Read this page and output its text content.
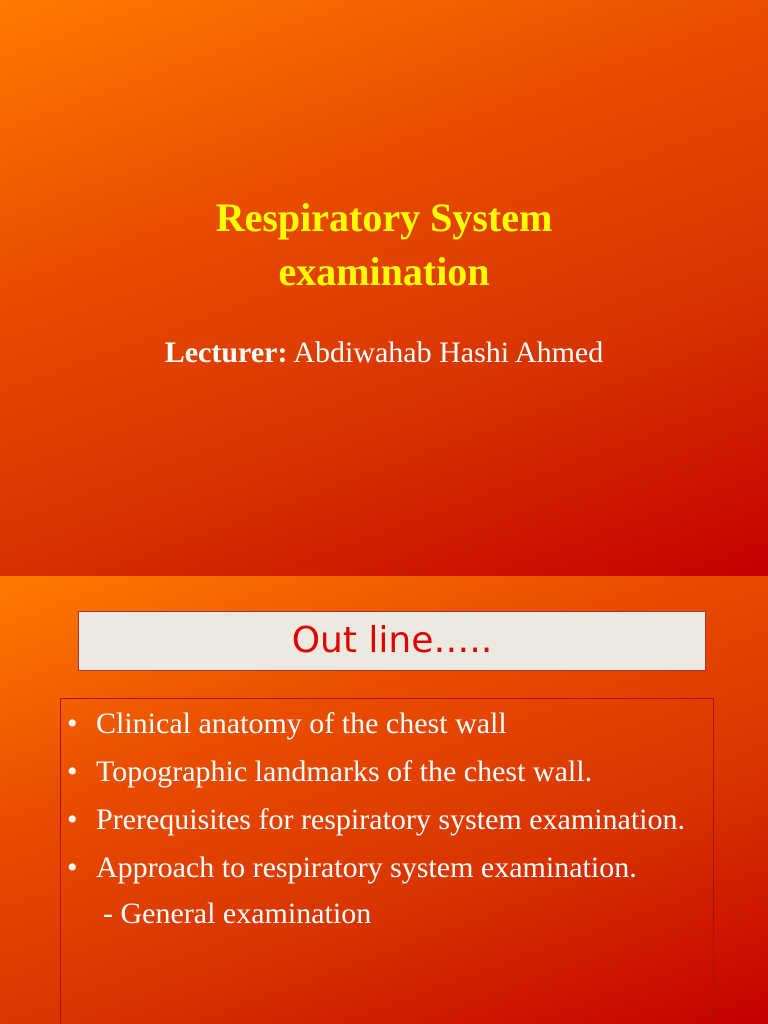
Respiratory System
examination
Lecturer: Abdiwahab Hashi Ahmed
Out line…..
• Clinical anatomy of the chest wall
• Topographic landmarks of the chest wall.
• Prerequisites for respiratory system examination.
• Approach to respiratory system examination.
- General examination
